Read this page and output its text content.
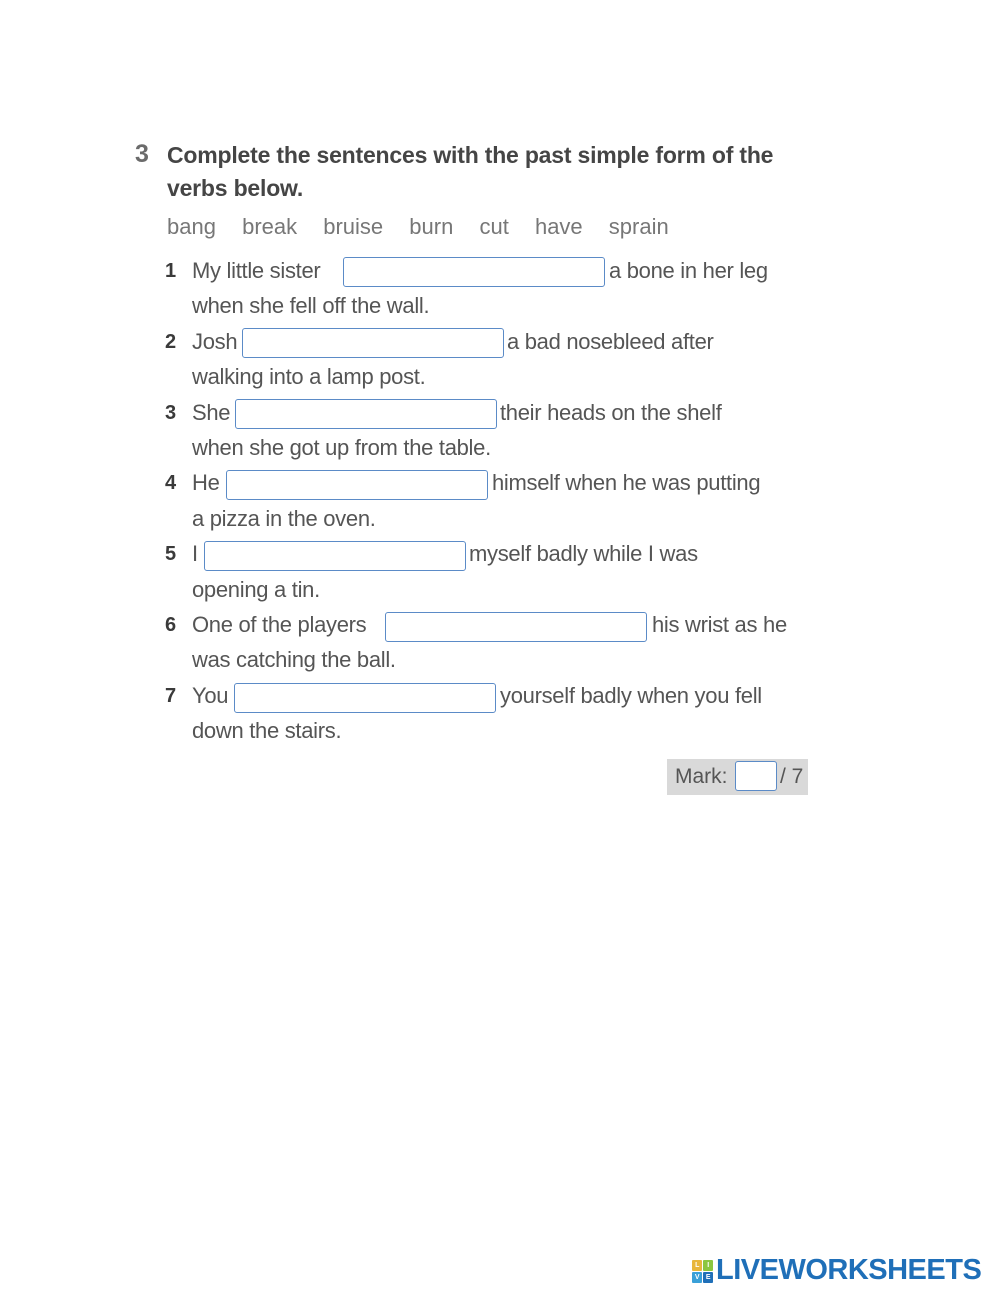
3 Complete the sentences with the past simple form of the
verbs below.
bang break bruise burn cut have sprain
1 My little sister	a bone in her leg
when she fell off the wall.
2 Josh	a bad nosebleed after
walking into a lamp post.
3 She	their heads on the shelf
when she got up from the table.
4 He	himself when he was putting
a pizza in the oven.
5 I	myself badly while I was
opening a tin.
6 One of the players	his wrist as he
was catching the ball.
7 You	yourself badly when you fell
down the stairs.
Mark:	/ 7
L	I
V E LIVEWORKSHEETS
